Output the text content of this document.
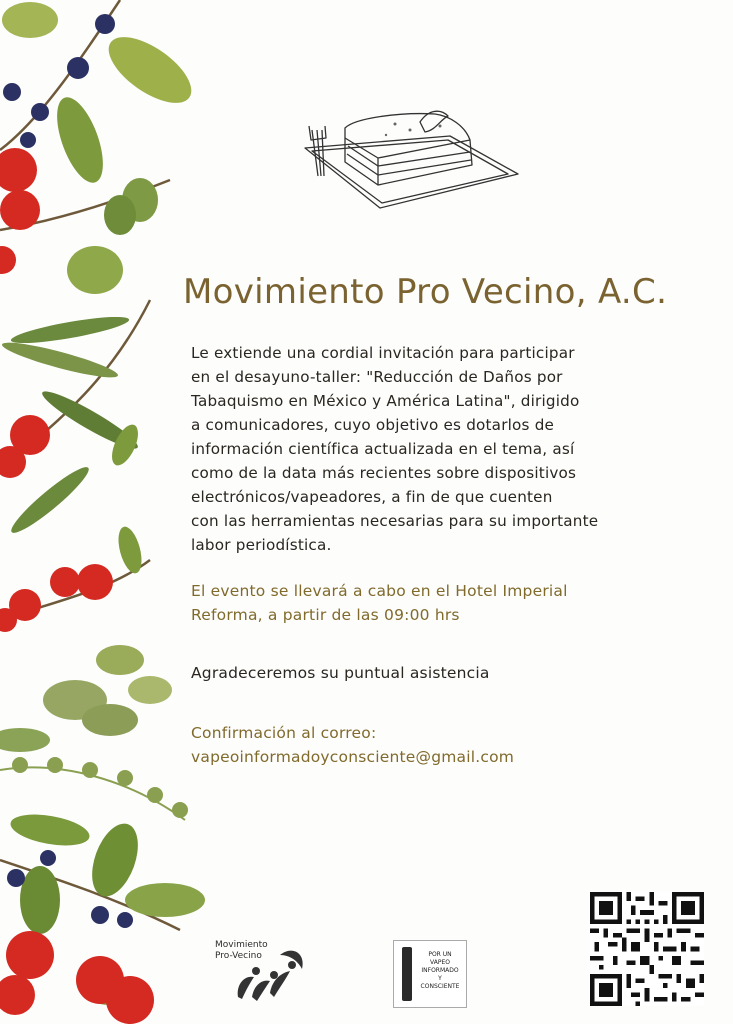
Movimiento Pro Vecino, A.C.

Le extiende una cordial invitación para participar
en el desayuno-taller: "Reducción de Daños por
Tabaquismo en México y América Latina", dirigido
a comunicadores, cuyo objetivo es dotarlos de
información científica actualizada en el tema, así
como de la data más recientes sobre dispositivos
electrónicos/vapeadores, a fin de que cuenten
con las herramientas necesarias para su importante
labor periodística.

El evento se llevará a cabo en el Hotel Imperial
Reforma, a partir de las 09:00 hrs

Agradeceremos su puntual asistencia

Confirmación al correo:
vapeoinformadoyconsciente@gmail.com

Movimiento
Pro-Vecino	POR UN
VAPEO
INFORMADO
Y
CONSCIENTE
